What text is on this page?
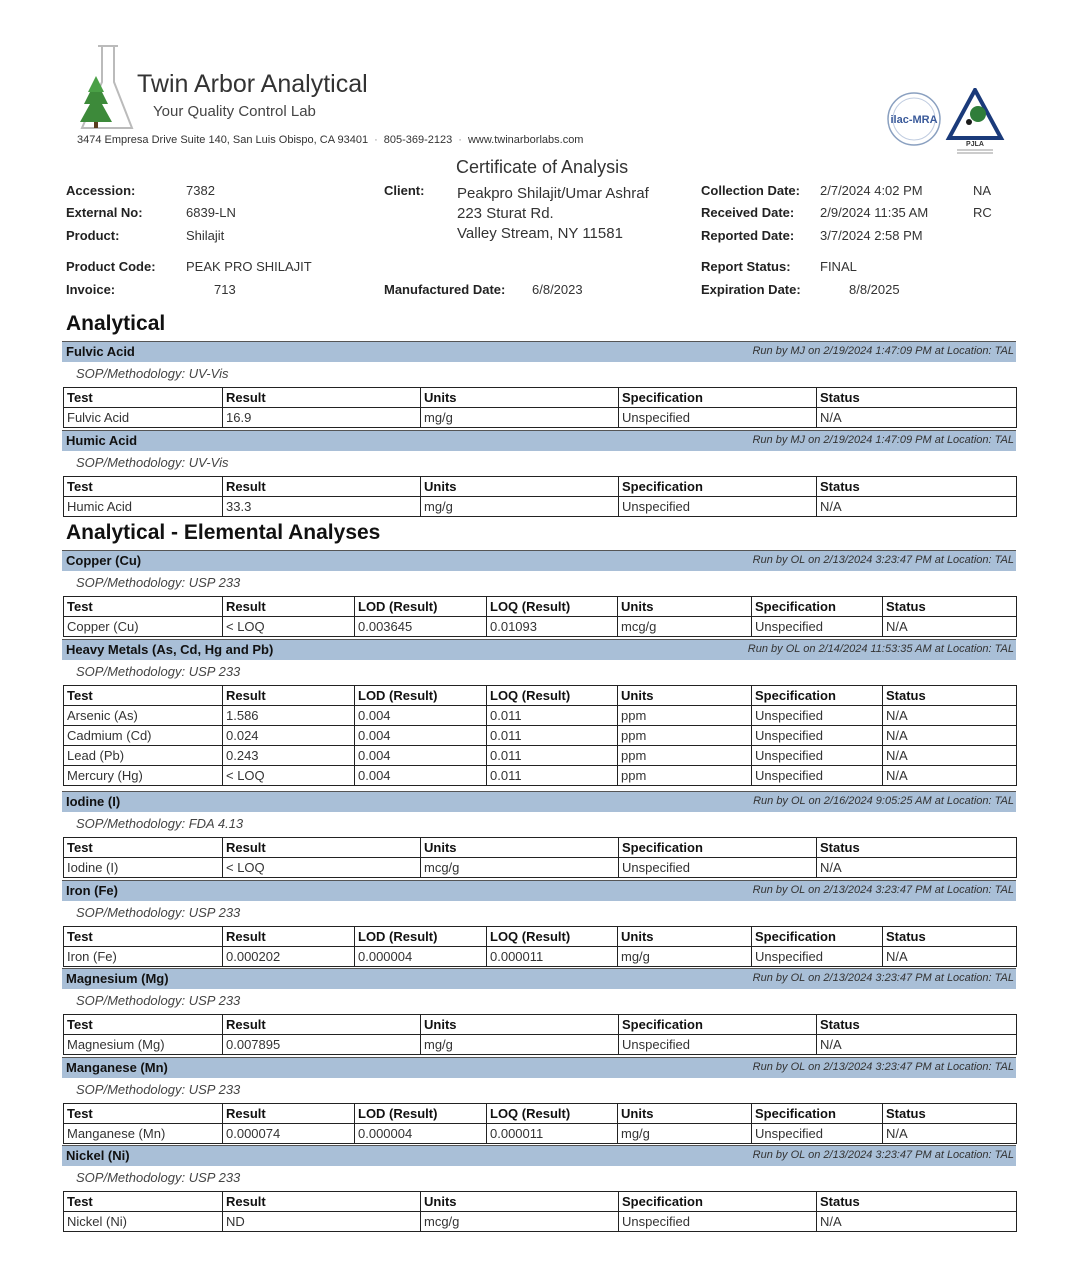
Twin Arbor Analytical
Your Quality Control Lab
3474 Empresa Drive Suite 140, San Luis Obispo, CA 93401 · 805-369-2123 · www.twinarborlabs.com
ilac-MRA
PJLA
Certificate of Analysis
Accession:	7382
External No:	6839-LN
Product:	Shilajit
Product Code: PEAK PRO SHILAJIT
Invoice:	713
Client: Peakpro Shilajit/Umar Ashraf
223 Sturat Rd.
Valley Stream, NY 11581
Manufactured Date: 6/8/2023
Collection Date: 2/7/2024 4:02 PM	NA
Received Date: 2/9/2024 11:35 AM	RC
Reported Date: 3/7/2024 2:58 PM
Report Status: FINAL
Expiration Date:	8/8/2025
Analytical
Analytical - Elemental Analyses
Fulvic Acid	Run by MJ on 2/19/2024 1:47:09 PM at Location: TAL
SOP/Methodology: UV-Vis
Test	Result	Units	Specification	Status
Fulvic Acid	16.9	mg/g	Unspecified	N/A
Humic Acid	Run by MJ on 2/19/2024 1:47:09 PM at Location: TAL
SOP/Methodology: UV-Vis
Test	Result	Units	Specification	Status
Humic Acid	33.3	mg/g	Unspecified	N/A
Copper (Cu)	Run by OL on 2/13/2024 3:23:47 PM at Location: TAL
SOP/Methodology: USP 233
Test	Result	LOD (Result)	LOQ (Result)	Units	Specification	Status
Copper (Cu)	< LOQ	0.003645	0.01093	mcg/g	Unspecified	N/A
Heavy Metals (As, Cd, Hg and Pb)	Run by OL on 2/14/2024 11:53:35 AM at Location: TAL
SOP/Methodology: USP 233
Test	Result	LOD (Result)	LOQ (Result)	Units	Specification	Status
Arsenic (As)	1.586	0.004	0.011	ppm	Unspecified	N/A
Cadmium (Cd)	0.024	0.004	0.011	ppm	Unspecified	N/A
Lead (Pb)	0.243	0.004	0.011	ppm	Unspecified	N/A
Mercury (Hg)	< LOQ	0.004	0.011	ppm	Unspecified	N/A
Iodine (I)	Run by OL on 2/16/2024 9:05:25 AM at Location: TAL
SOP/Methodology: FDA 4.13
Test	Result	Units	Specification	Status
Iodine (I)	< LOQ	mcg/g	Unspecified	N/A
Iron (Fe)	Run by OL on 2/13/2024 3:23:47 PM at Location: TAL
SOP/Methodology: USP 233
Test	Result	LOD (Result)	LOQ (Result)	Units	Specification	Status
Iron (Fe)	0.000202	0.000004	0.000011	mg/g	Unspecified	N/A
Magnesium (Mg)	Run by OL on 2/13/2024 3:23:47 PM at Location: TAL
SOP/Methodology: USP 233
Test	Result	Units	Specification	Status
Magnesium (Mg)	0.007895	mg/g	Unspecified	N/A
Manganese (Mn)	Run by OL on 2/13/2024 3:23:47 PM at Location: TAL
SOP/Methodology: USP 233
Test	Result	LOD (Result)	LOQ (Result)	Units	Specification	Status
Manganese (Mn)	0.000074	0.000004	0.000011	mg/g	Unspecified	N/A
Nickel (Ni)	Run by OL on 2/13/2024 3:23:47 PM at Location: TAL
SOP/Methodology: USP 233
Test	Result	Units	Specification	Status
Nickel (Ni)	ND	mcg/g	Unspecified	N/A
